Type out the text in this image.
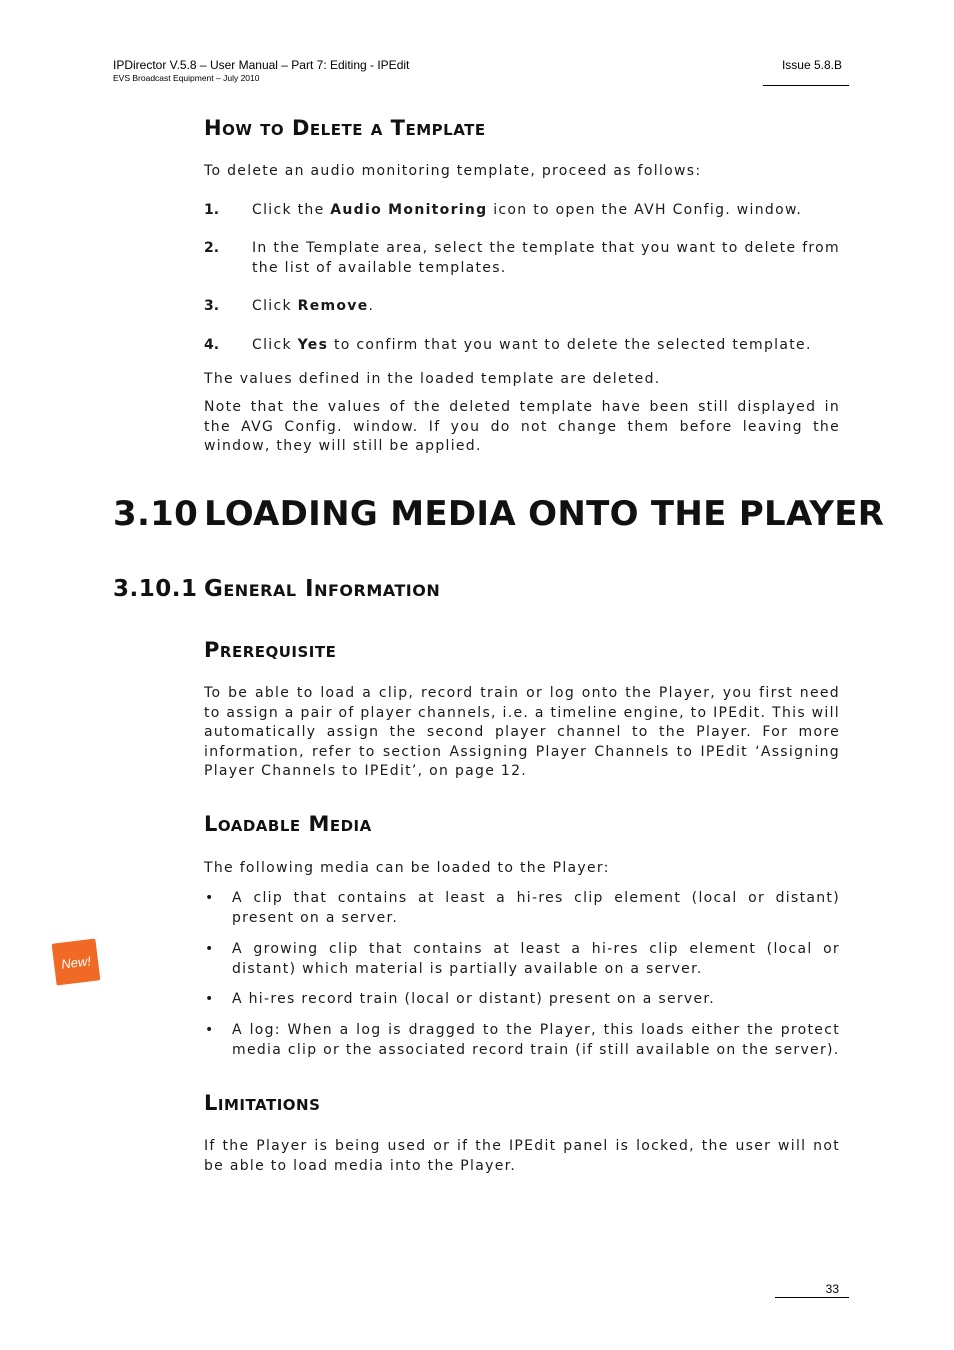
IPDirector V.5.8 – User Manual – Part 7: Editing - IPEdit
EVS Broadcast Equipment – July 2010
Issue 5.8.B
How to Delete a Template
To delete an audio monitoring template, proceed as follows:
1. Click the Audio Monitoring icon to open the AVH Config. window.
2. In the Template area, select the template that you want to delete from the list of available templates.
3. Click Remove.
4. Click Yes to confirm that you want to delete the selected template.
The values defined in the loaded template are deleted.
Note that the values of the deleted template have been still displayed in the AVG Config. window. If you do not change them before leaving the window, they will still be applied.
3.10 LOADING MEDIA ONTO THE PLAYER
3.10.1 General Information
Prerequisite
To be able to load a clip, record train or log onto the Player, you first need to assign a pair of player channels, i.e. a timeline engine, to IPEdit. This will automatically assign the second player channel to the Player. For more information, refer to section Assigning Player Channels to IPEdit ‘Assigning Player Channels to IPEdit’, on page 12.
Loadable Media
The following media can be loaded to the Player:
• A clip that contains at least a hi-res clip element (local or distant) present on a server.
• A growing clip that contains at least a hi-res clip element (local or distant) which material is partially available on a server.
• A hi-res record train (local or distant) present on a server.
• A log: When a log is dragged to the Player, this loads either the protect media clip or the associated record train (if still available on the server).
New!
Limitations
If the Player is being used or if the IPEdit panel is locked, the user will not be able to load media into the Player.
33
